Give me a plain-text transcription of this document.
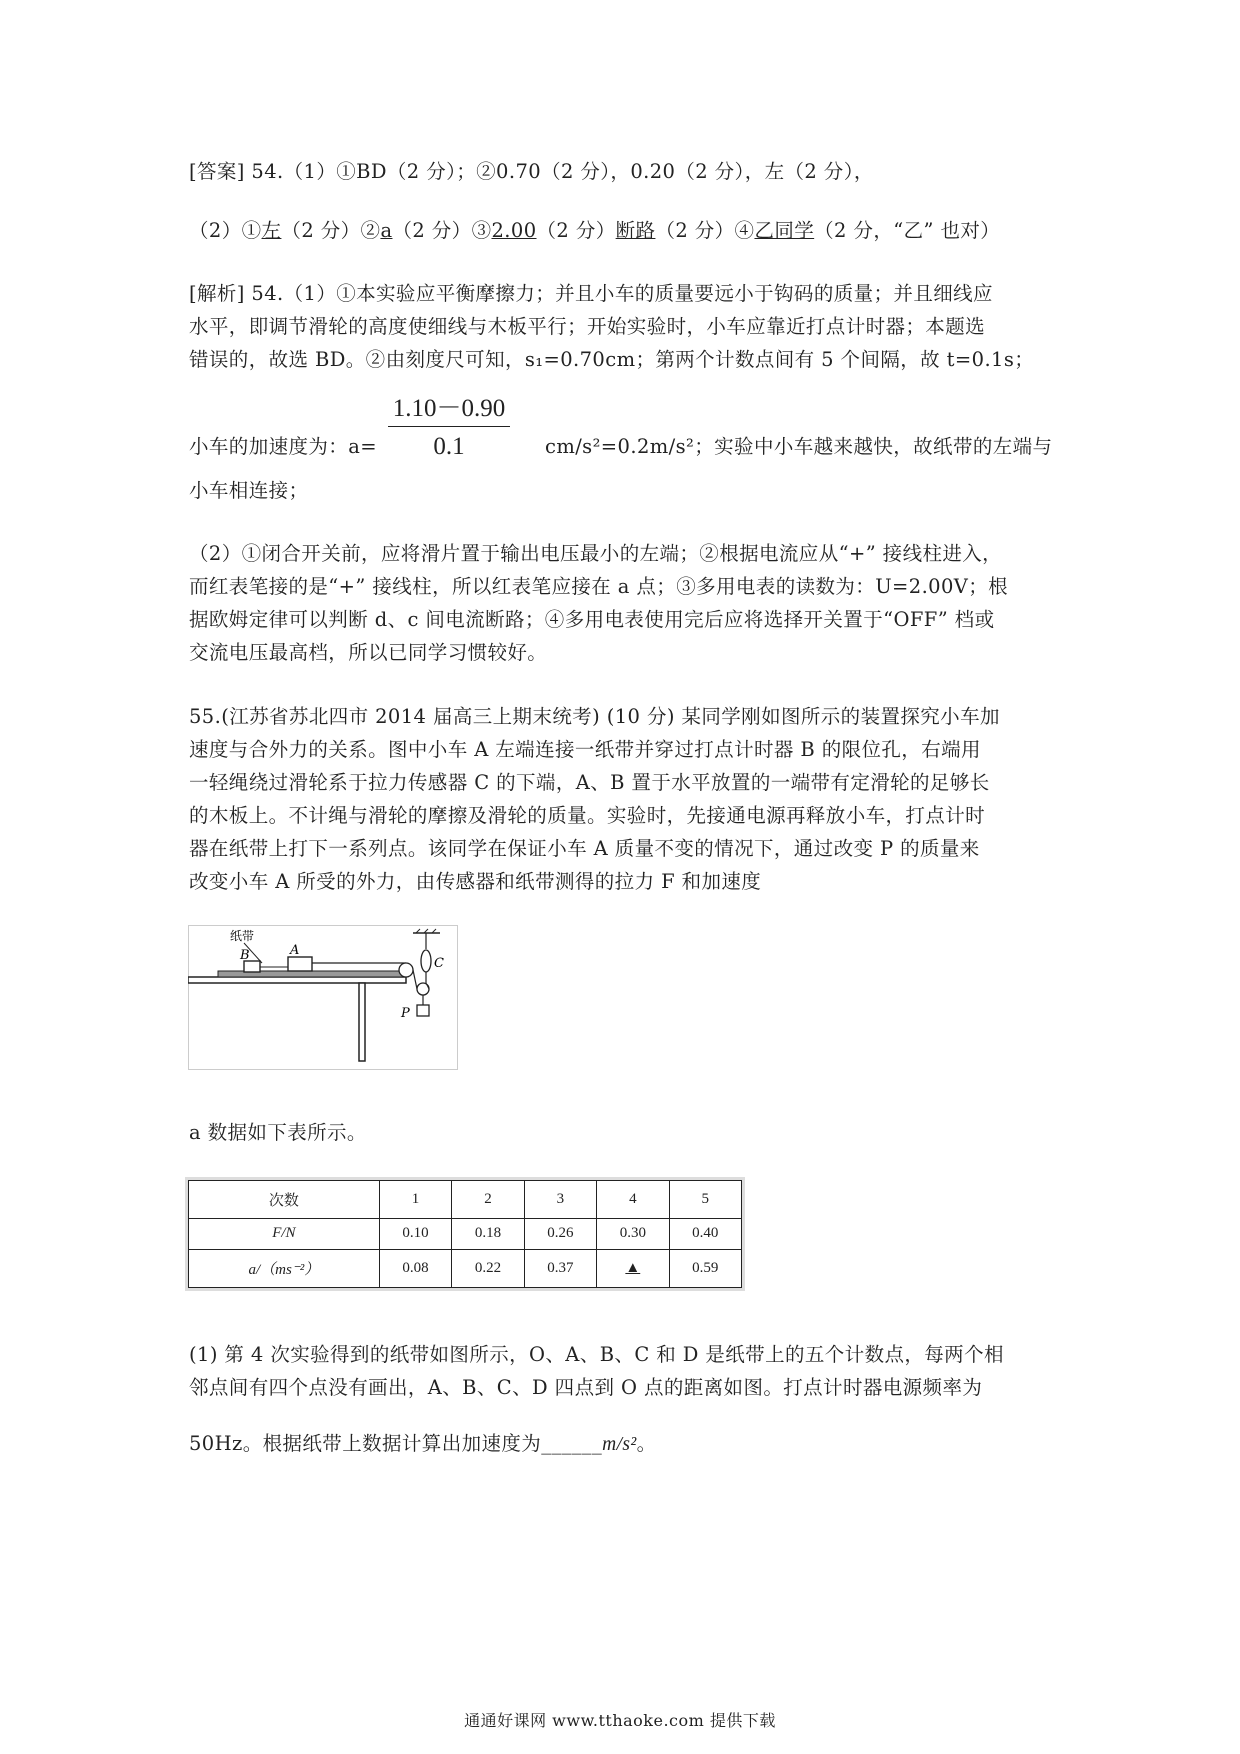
[答案] 54.（1）①BD（2 分）；②0.70（2 分），0.20（2 分），左（2 分），
（2）①左（2 分）②a（2 分）③2.00（2 分）断路（2 分）④乙同学（2 分，“乙” 也对）
[解析] 54.（1）①本实验应平衡摩擦力；并且小车的质量要远小于钩码的质量；并且细线应
水平，即调节滑轮的高度使细线与木板平行；开始实验时，小车应靠近打点计时器；本题选
错误的，故选 BD。②由刻度尺可知，s₁=0.70cm；第两个计数点间有 5 个间隔，故 t=0.1s；
$\frac{1.10-0.90}{0.1}$
小车的加速度为：a=	cm/s²=0.2m/s²；实验中小车越来越快，故纸带的左端与
小车相连接；
（2）①闭合开关前，应将滑片置于输出电压最小的左端；②根据电流应从“+” 接线柱进入，
而红表笔接的是“+” 接线柱，所以红表笔应接在 a 点；③多用电表的读数为：U=2.00V；根
据欧姆定律可以判断 d、c 间电流断路；④多用电表使用完后应将选择开关置于“OFF” 档或
交流电压最高档，所以已同学习惯较好。
55.(江苏省苏北四市 2014 届高三上期末统考) (10 分) 某同学刚如图所示的装置探究小车加
速度与合外力的关系。图中小车 A 左端连接一纸带并穿过打点计时器 B 的限位孔，右端用
一轻绳绕过滑轮系于拉力传感器 C 的下端，A、B 置于水平放置的一端带有定滑轮的足够长
的木板上。不计绳与滑轮的摩擦及滑轮的质量。实验时，先接通电源再释放小车，打点计时
器在纸带上打下一系列点。该同学在保证小车 A 质量不变的情况下，通过改变 P 的质量来
改变小车 A 所受的外力，由传感器和纸带测得的拉力 F 和加速度
纸带
B	A
C
P
a 数据如下表所示。
次数	1	2	3	4	5
F/N	0.10	0.18	0.26	0.30	0.40
a/（ms⁻²）	0.08	0.22	0.37	▲	0.59
(1) 第 4 次实验得到的纸带如图所示，O、A、B、C 和 D 是纸带上的五个计数点，每两个相
邻点间有四个点没有画出，A、B、C、D 四点到 O 点的距离如图。打点计时器电源频率为
50Hz。根据纸带上数据计算出加速度为______m/s²。
通通好课网 www.tthaoke.com 提供下载
